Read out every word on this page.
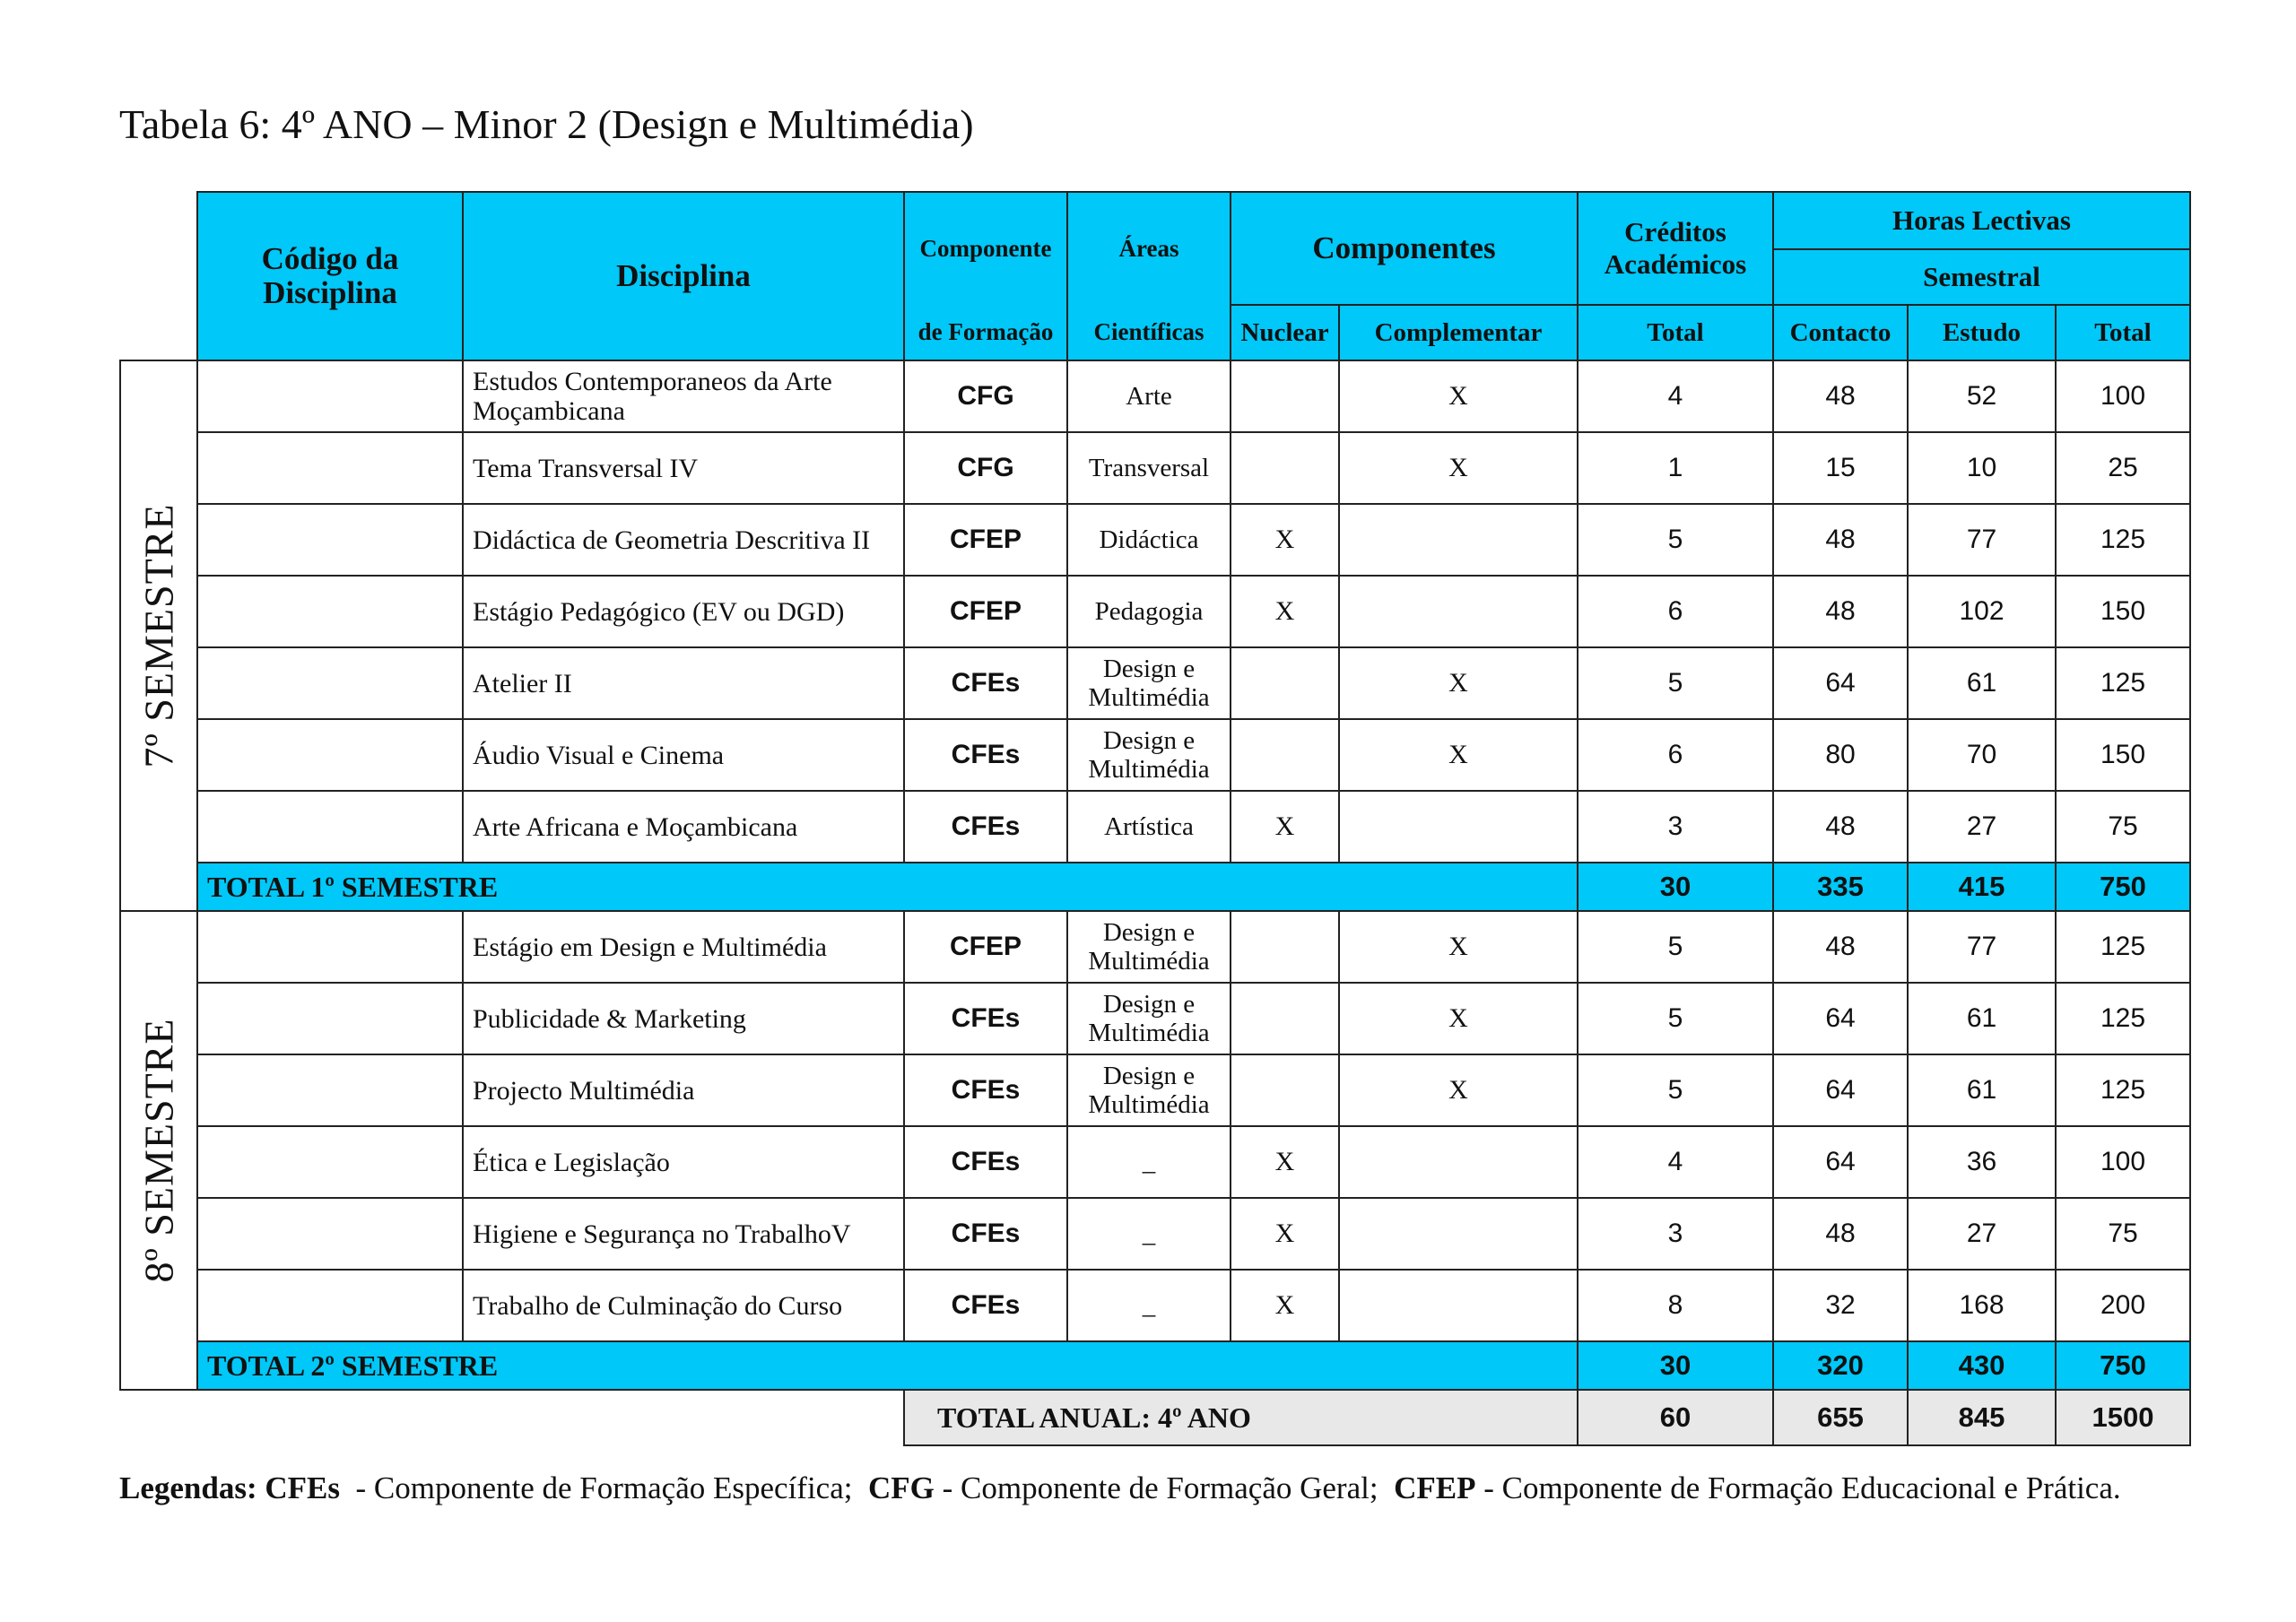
Tabela 6: 4º ANO – Minor 2 (Design e Multimédia)
	Código da Disciplina	Disciplina	Componente	Áreas	Componentes		Créditos Académicos	Horas Lectivas		
								Semestral		
			de Formação	Científicas	Nuclear	Complementar	Total	Contacto	Estudo	Total

7º SEMESTRE		Estudos Contemporaneos da Arte Moçambicana	CFG	Arte		X	4	48	52	100
		Tema Transversal IV	CFG	Transversal		X	1	15	10	25
		Didáctica de Geometria Descritiva II	CFEP	Didáctica	X		5	48	77	125
		Estágio Pedagógico (EV ou DGD)	CFEP	Pedagogia	X		6	48	102	150
		Atelier II	CFEs	Design e Multimédia		X	5	64	61	125
		Áudio Visual e Cinema	CFEs	Design e Multimédia		X	6	80	70	150
		Arte Africana e Moçambicana	CFEs	Artística	X		3	48	27	75
	TOTAL 1º SEMESTRE						30	335	415	750

8º SEMESTRE		Estágio em Design e Multimédia	CFEP	Design e Multimédia		X	5	48	77	125
		Publicidade & Marketing	CFEs	Design e Multimédia		X	5	64	61	125
		Projecto Multimédia	CFEs	Design e Multimédia		X	5	64	61	125
		Ética e Legislação	CFEs	_	X		4	64	36	100
		Higiene e Segurança no TrabalhoV	CFEs	_	X		3	48	27	75
		Trabalho de Culminação do Curso	CFEs	_	X		8	32	168	200
	TOTAL 2º SEMESTRE						30	320	430	750
			TOTAL ANUAL: 4º ANO				60	655	845	1500
Legendas: CFEs  - Componente de Formação Específica; CFG - Componente de Formação Geral; CFEP - Componente de Formação Educacional e Prática.
